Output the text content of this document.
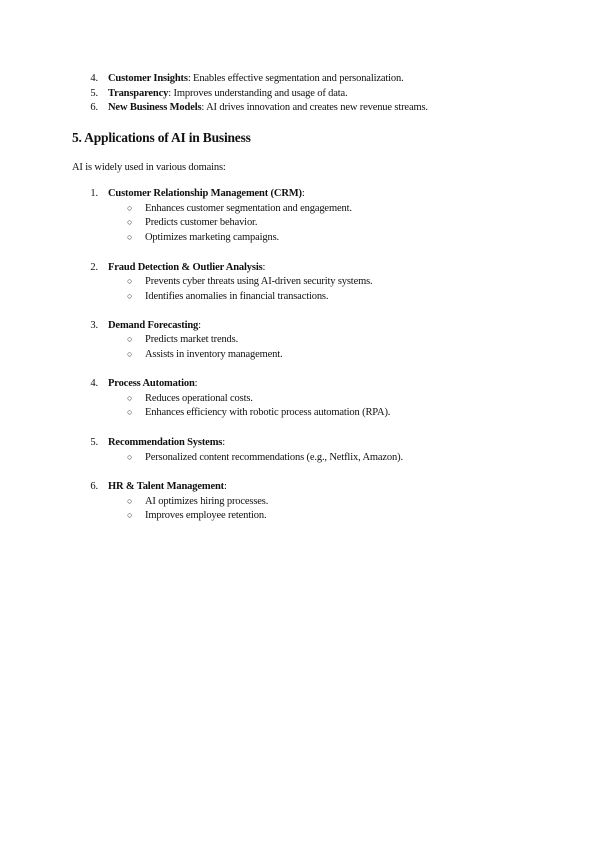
4. Customer Insights: Enables effective segmentation and personalization.
5. Transparency: Improves understanding and usage of data.
6. New Business Models: AI drives innovation and creates new revenue streams.
5. Applications of AI in Business
AI is widely used in various domains:
1. Customer Relationship Management (CRM):
○ Enhances customer segmentation and engagement.
○ Predicts customer behavior.
○ Optimizes marketing campaigns.
2. Fraud Detection & Outlier Analysis:
○ Prevents cyber threats using AI-driven security systems.
○ Identifies anomalies in financial transactions.
3. Demand Forecasting:
○ Predicts market trends.
○ Assists in inventory management.
4. Process Automation:
○ Reduces operational costs.
○ Enhances efficiency with robotic process automation (RPA).
5. Recommendation Systems:
○ Personalized content recommendations (e.g., Netflix, Amazon).
6. HR & Talent Management:
○ AI optimizes hiring processes.
○ Improves employee retention.
